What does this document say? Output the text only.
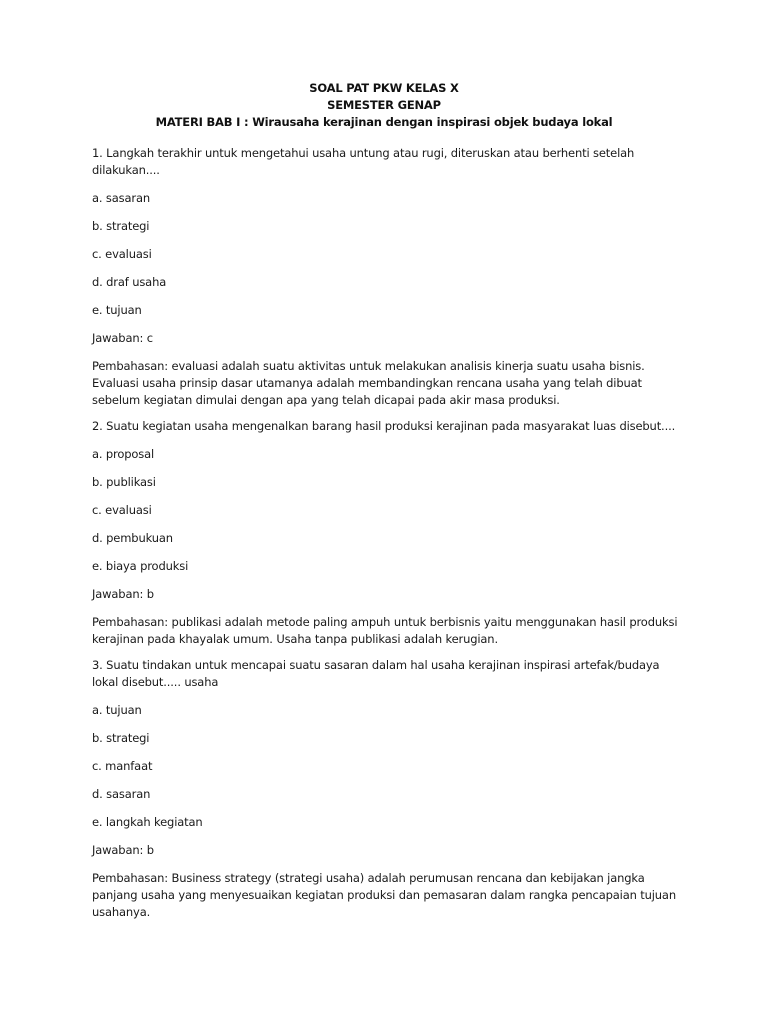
SOAL PAT PKW KELAS X
SEMESTER GENAP
MATERI BAB I : Wirausaha kerajinan dengan inspirasi objek budaya lokal
1. Langkah terakhir untuk mengetahui usaha untung atau rugi, diteruskan atau berhenti setelah dilakukan....
a. sasaran
b. strategi
c. evaluasi
d. draf usaha
e. tujuan
Jawaban: c
Pembahasan: evaluasi adalah suatu aktivitas untuk melakukan analisis kinerja suatu usaha bisnis. Evaluasi usaha prinsip dasar utamanya adalah membandingkan rencana usaha yang telah dibuat sebelum kegiatan dimulai dengan apa yang telah dicapai pada akir masa produksi.
2. Suatu kegiatan usaha mengenalkan barang hasil produksi kerajinan pada masyarakat luas disebut....
a. proposal
b. publikasi
c. evaluasi
d. pembukuan
e. biaya produksi
Jawaban: b
Pembahasan: publikasi adalah metode paling ampuh untuk berbisnis yaitu menggunakan hasil produksi kerajinan pada khayalak umum. Usaha tanpa publikasi adalah kerugian.
3. Suatu tindakan untuk mencapai suatu sasaran dalam hal usaha kerajinan inspirasi artefak/budaya lokal disebut..... usaha
a. tujuan
b. strategi
c. manfaat
d. sasaran
e. langkah kegiatan
Jawaban: b
Pembahasan: Business strategy (strategi usaha) adalah perumusan rencana dan kebijakan jangka panjang usaha yang menyesuaikan kegiatan produksi dan pemasaran dalam rangka pencapaian tujuan usahanya.
